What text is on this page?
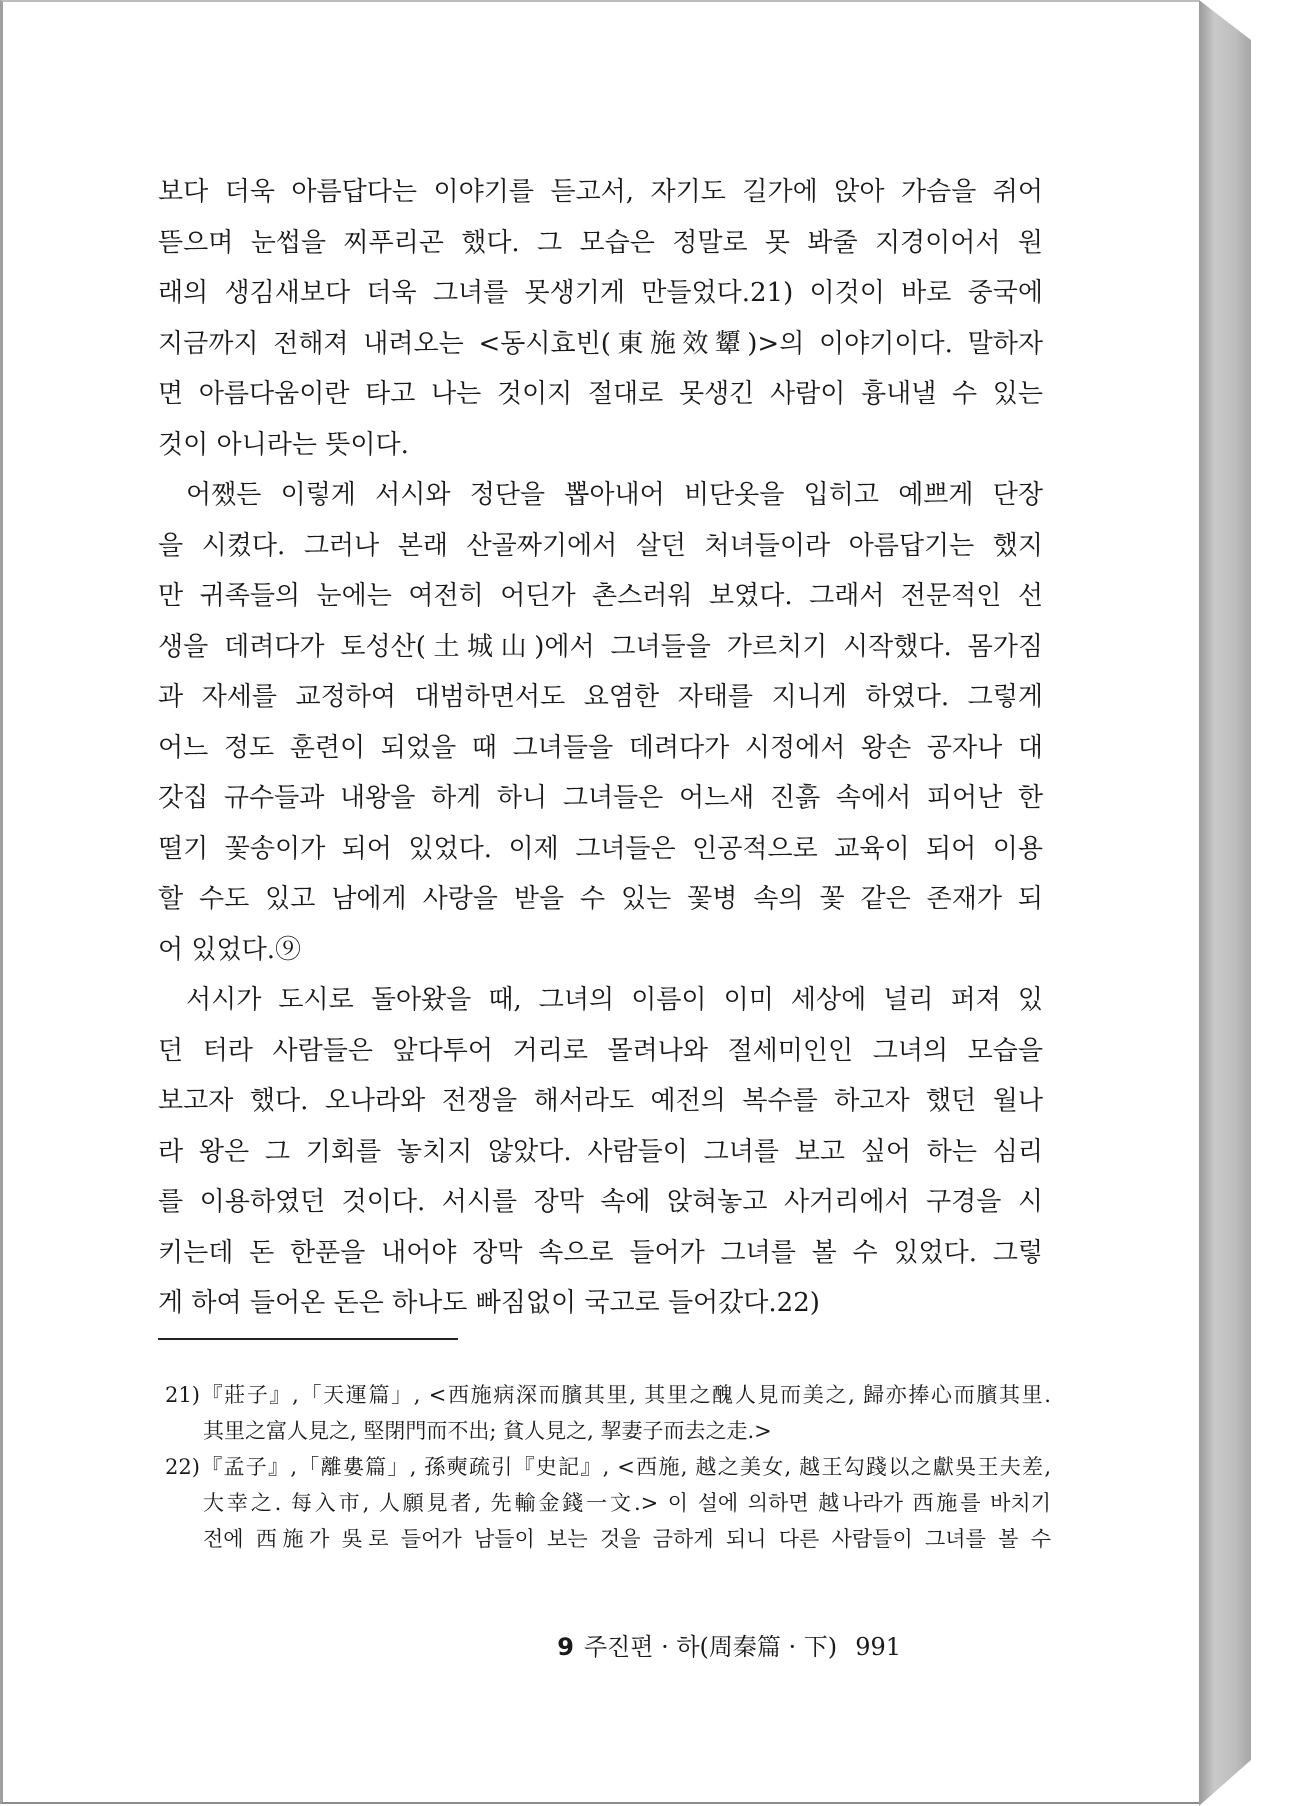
보다 더욱 아름답다는 이야기를 듣고서, 자기도 길가에 앉아 가슴을 쥐어
뜯으며 눈썹을 찌푸리곤 했다. 그 모습은 정말로 못 봐줄 지경이어서 원
래의 생김새보다 더욱 그녀를 못생기게 만들었다.21) 이것이 바로 중국에
지금까지 전해져 내려오는 <동시효빈(東施效顰)>의 이야기이다. 말하자
면 아름다움이란 타고 나는 것이지 절대로 못생긴 사람이 흉내낼 수 있는
것이 아니라는 뜻이다.
어쨌든 이렇게 서시와 정단을 뽑아내어 비단옷을 입히고 예쁘게 단장
을 시켰다. 그러나 본래 산골짜기에서 살던 처녀들이라 아름답기는 했지
만 귀족들의 눈에는 여전히 어딘가 촌스러워 보였다. 그래서 전문적인 선
생을 데려다가 토성산(土城山)에서 그녀들을 가르치기 시작했다. 몸가짐
과 자세를 교정하여 대범하면서도 요염한 자태를 지니게 하였다. 그렇게
어느 정도 훈련이 되었을 때 그녀들을 데려다가 시정에서 왕손 공자나 대
갓집 규수들과 내왕을 하게 하니 그녀들은 어느새 진흙 속에서 피어난 한
떨기 꽃송이가 되어 있었다. 이제 그녀들은 인공적으로 교육이 되어 이용
할 수도 있고 남에게 사랑을 받을 수 있는 꽃병 속의 꽃 같은 존재가 되
어 있었다.⑨
서시가 도시로 돌아왔을 때, 그녀의 이름이 이미 세상에 널리 퍼져 있
던 터라 사람들은 앞다투어 거리로 몰려나와 절세미인인 그녀의 모습을
보고자 했다. 오나라와 전쟁을 해서라도 예전의 복수를 하고자 했던 월나
라 왕은 그 기회를 놓치지 않았다. 사람들이 그녀를 보고 싶어 하는 심리
를 이용하였던 것이다. 서시를 장막 속에 앉혀놓고 사거리에서 구경을 시
키는데 돈 한푼을 내어야 장막 속으로 들어가 그녀를 볼 수 있었다. 그렇
게 하여 들어온 돈은 하나도 빠짐없이 국고로 들어갔다.22)
21)『莊子』,「天運篇」, <西施病深而臏其里, 其里之醜人見而美之, 歸亦捧心而臏其里.
其里之富人見之, 堅閉門而不出; 貧人見之, 挈妻子而去之走.>
22)『孟子』,「離婁篇」, 孫奭疏引『史記』, <西施, 越之美女, 越王勾踐以之獻吳王夫差,
大幸之. 每入市, 人願見者, 先輸金錢一文.> 이 설에 의하면 越나라가 西施를 바치기
전에 西施가 吳로 들어가 남들이 보는 것을 금하게 되니 다른 사람들이 그녀를 볼 수
9 주진편 · 하(周秦篇 · 下) 991
